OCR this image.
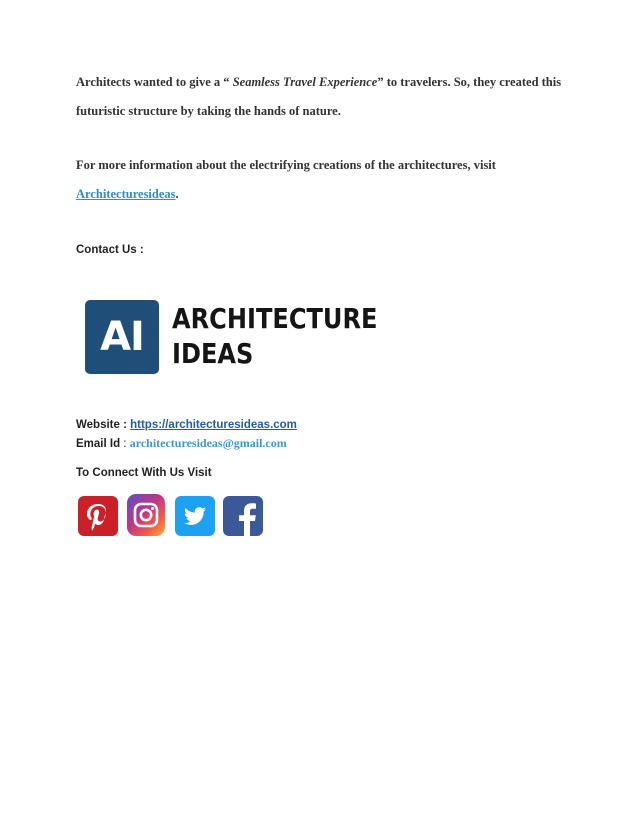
Architects wanted to give a “ Seamless Travel Experience” to travelers. So, they created this
futuristic structure by taking the hands of nature.
For more information about the electrifying creations of the architectures, visit
Architecturesideas.
Contact Us :
AI	ARCHITECTURE
IDEAS
Website : https://architecturesideas.com
Email Id : architecturesideas@gmail.com
To Connect With Us Visit
